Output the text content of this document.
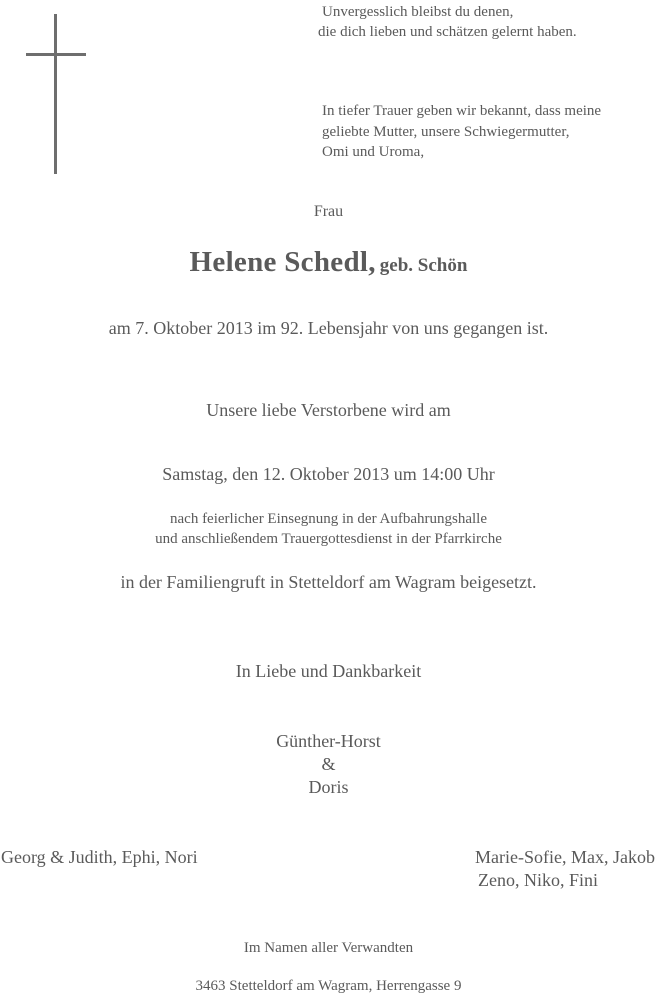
Unvergesslich bleibst du denen,
die dich lieben und schätzen gelernt haben.
In tiefer Trauer geben wir bekannt, dass meine
geliebte Mutter, unsere Schwiegermutter,
Omi und Uroma,
Frau
Helene Schedl, geb. Schön
am 7. Oktober 2013 im 92. Lebensjahr von uns gegangen ist.
Unsere liebe Verstorbene wird am
Samstag, den 12. Oktober 2013 um 14:00 Uhr
nach feierlicher Einsegnung in der Aufbahrungshalle
und anschließendem Trauergottesdienst in der Pfarrkirche
in der Familiengruft in Stetteldorf am Wagram beigesetzt.
In Liebe und Dankbarkeit
Günther-Horst
&
Doris
Georg & Judith, Ephi, Nori	Marie-Sofie, Max, Jakob
Zeno, Niko, Fini
Im Namen aller Verwandten
3463 Stetteldorf am Wagram, Herrengasse 9
